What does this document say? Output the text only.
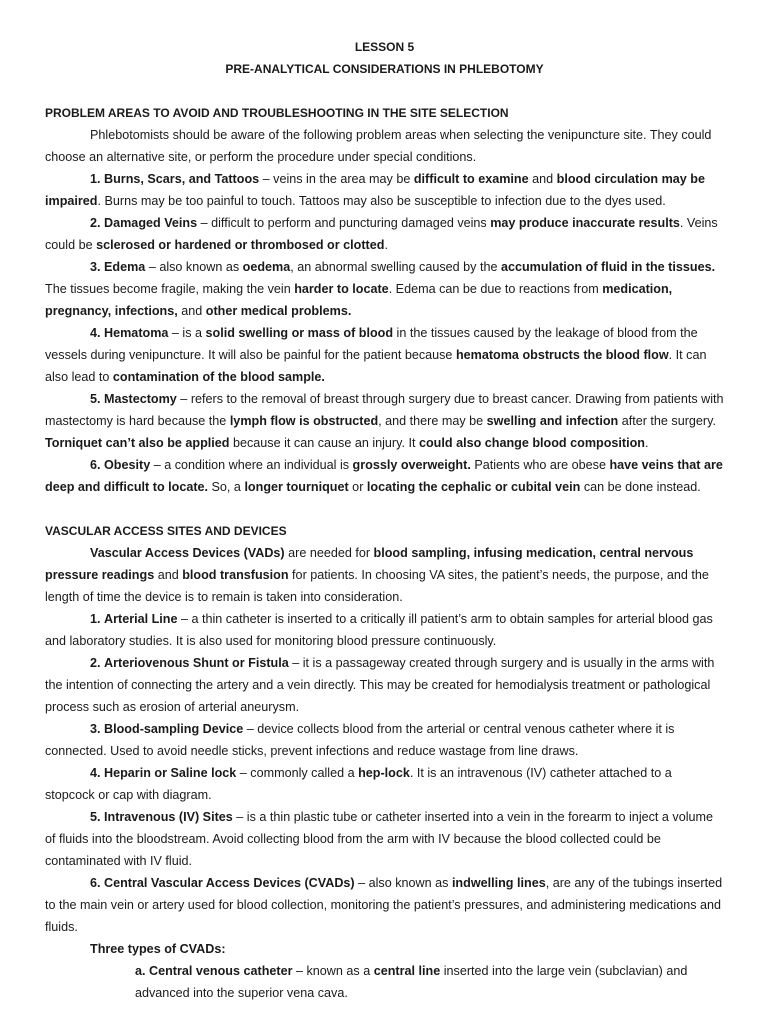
LESSON 5

PRE-ANALYTICAL CONSIDERATIONS IN PHLEBOTOMY

PROBLEM AREAS TO AVOID AND TROUBLESHOOTING IN THE SITE SELECTION

Phlebotomists should be aware of the following problem areas when selecting the venipuncture site. They could choose an alternative site, or perform the procedure under special conditions.

1. Burns, Scars, and Tattoos – veins in the area may be difficult to examine and blood circulation may be impaired. Burns may be too painful to touch. Tattoos may also be susceptible to infection due to the dyes used.

2. Damaged Veins – difficult to perform and puncturing damaged veins may produce inaccurate results. Veins could be sclerosed or hardened or thrombosed or clotted.

3. Edema – also known as oedema, an abnormal swelling caused by the accumulation of fluid in the tissues. The tissues become fragile, making the vein harder to locate. Edema can be due to reactions from medication, pregnancy, infections, and other medical problems.

4. Hematoma – is a solid swelling or mass of blood in the tissues caused by the leakage of blood from the vessels during venipuncture. It will also be painful for the patient because hematoma obstructs the blood flow. It can also lead to contamination of the blood sample.

5. Mastectomy – refers to the removal of breast through surgery due to breast cancer. Drawing from patients with mastectomy is hard because the lymph flow is obstructed, and there may be swelling and infection after the surgery. Torniquet can’t also be applied because it can cause an injury. It could also change blood composition.

6. Obesity – a condition where an individual is grossly overweight. Patients who are obese have veins that are deep and difficult to locate. So, a longer tourniquet or locating the cephalic or cubital vein can be done instead.

VASCULAR ACCESS SITES AND DEVICES

Vascular Access Devices (VADs) are needed for blood sampling, infusing medication, central nervous pressure readings and blood transfusion for patients. In choosing VA sites, the patient’s needs, the purpose, and the length of time the device is to remain is taken into consideration.

1. Arterial Line – a thin catheter is inserted to a critically ill patient’s arm to obtain samples for arterial blood gas and laboratory studies. It is also used for monitoring blood pressure continuously.

2. Arteriovenous Shunt or Fistula – it is a passageway created through surgery and is usually in the arms with the intention of connecting the artery and a vein directly. This may be created for hemodialysis treatment or pathological process such as erosion of arterial aneurysm.

3. Blood-sampling Device – device collects blood from the arterial or central venous catheter where it is connected. Used to avoid needle sticks, prevent infections and reduce wastage from line draws.

4. Heparin or Saline lock – commonly called a hep-lock. It is an intravenous (IV) catheter attached to a stopcock or cap with diagram.

5. Intravenous (IV) Sites – is a thin plastic tube or catheter inserted into a vein in the forearm to inject a volume of fluids into the bloodstream. Avoid collecting blood from the arm with IV because the blood collected could be contaminated with IV fluid.

6. Central Vascular Access Devices (CVADs) – also known as indwelling lines, are any of the tubings inserted to the main vein or artery used for blood collection, monitoring the patient’s pressures, and administering medications and fluids.

Three types of CVADs:

a. Central venous catheter – known as a central line inserted into the large vein (subclavian) and advanced into the superior vena cava.
